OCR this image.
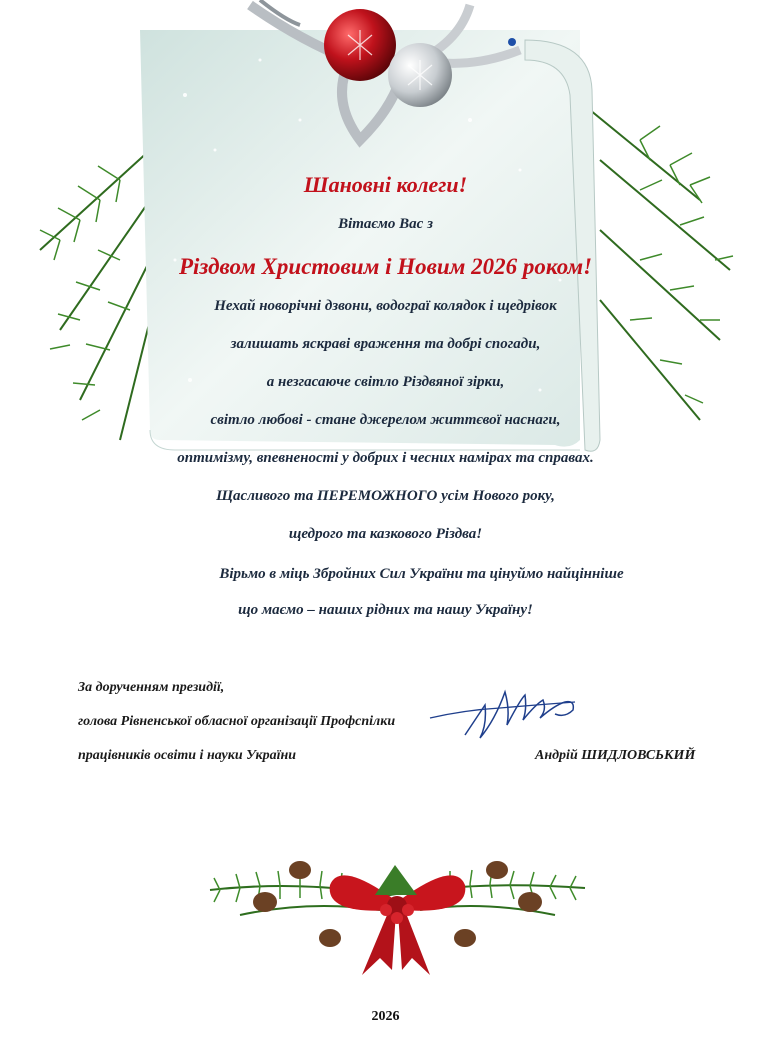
Шановні колеги!
Вітаємо Вас з
Різдвом Христовим і Новим 2026 роком!
Нехай новорічні дзвони, водограї колядок і щедрівок
залишать яскраві враження та добрі спогади,
а незгасаюче світло Різдвяної зірки,
світло любові - стане джерелом життєвої наснаги,
оптимізму, впевненості у добрих і чесних намірах та справах.
Щасливого та ПЕРЕМОЖНОГО усім Нового року,
щедрого та казкового Різдва!
Вірьмо в міць Збройних Сил України та цінуймо найцінніше
що маємо – наших рідних та нашу Україну!
За дорученням президії,
голова Рівненської обласної організації Профспілки
працівників освіти і науки України	Андрій ШИДЛОВСЬКИЙ
2026
